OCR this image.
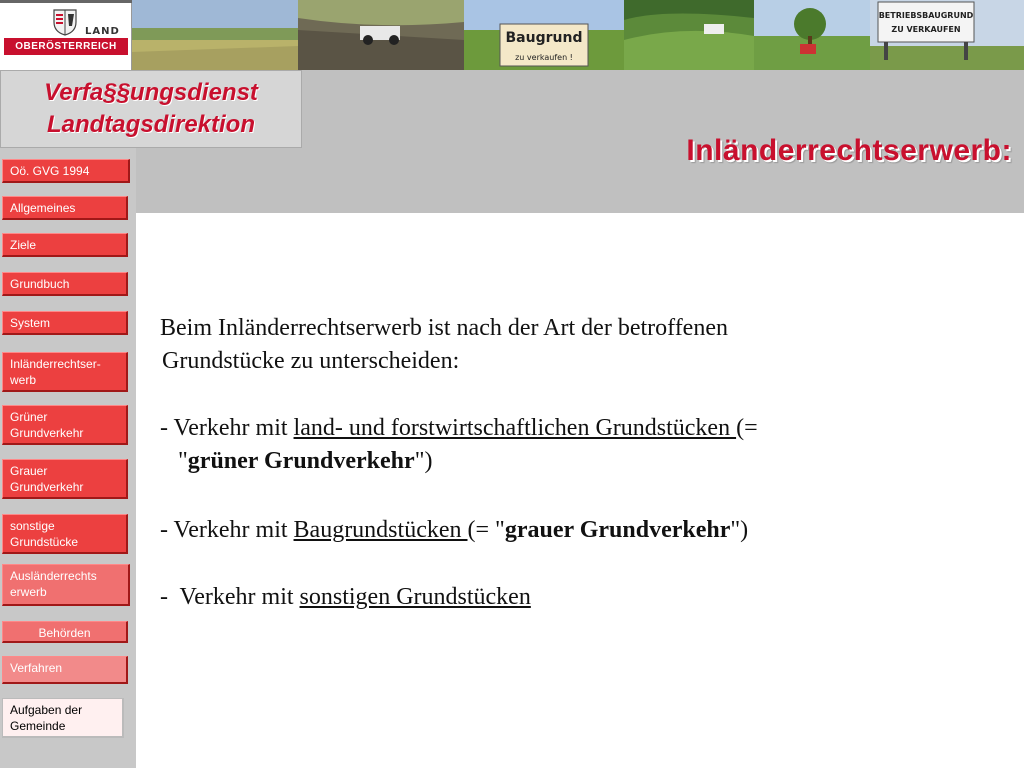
Baugrund
zu verkaufen !
BETRIEBSBAUGRUND
ZU VERKAUFEN
LAND
OBERÖSTERREICH
Verfa§§ungsdienst
Landtagsdirektion
Inländerrechtserwerb:
Oö. GVG 1994
Allgemeines
Ziele
Grundbuch
System
Inländerrechtser-
werb
Grüner
Grundverkehr
Grauer
Grundverkehr
sonstige
Grundstücke
Ausländerrechts
erwerb
Behörden
Verfahren
Aufgaben der
Gemeinde

Beim Inländerrechtserwerb ist nach der Art der betroffenen
Grundstücke zu unterscheiden:

- Verkehr mit land- und forstwirtschaftlichen Grundstücken (=
"grüner Grundverkehr")

- Verkehr mit Baugrundstücken (= "grauer Grundverkehr")

-  Verkehr mit sonstigen Grundstücken
